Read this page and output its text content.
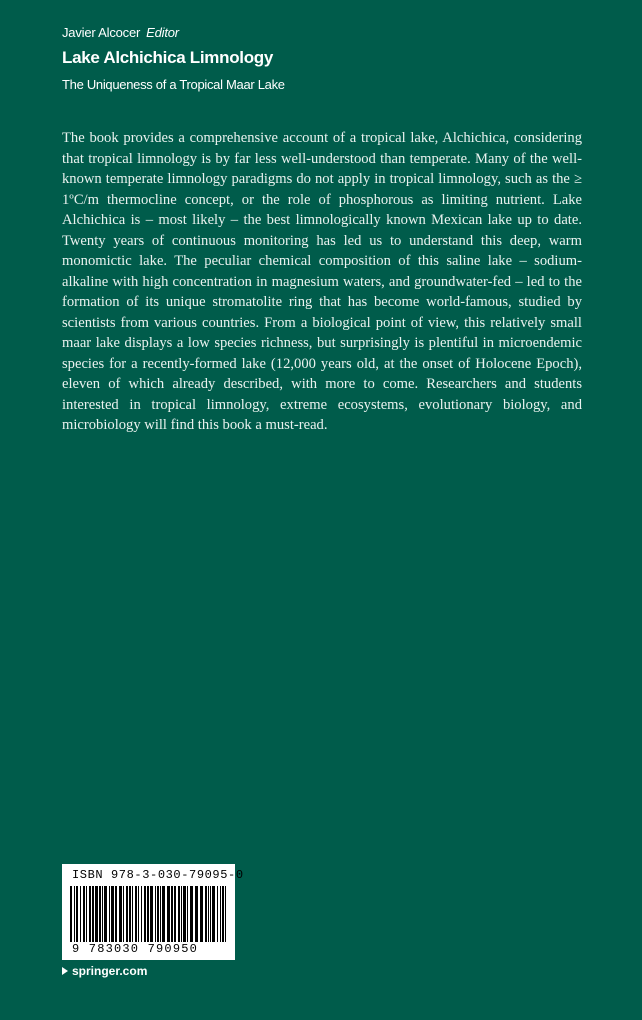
Javier Alcocer Editor
Lake Alchichica Limnology
The Uniqueness of a Tropical Maar Lake

The book provides a comprehensive account of a tropical lake, Alchichica, considering that tropical limnology is by far less well-understood than temperate. Many of the well-known temperate limnology paradigms do not apply in tropical limnology, such as the ≥ 1ºC/m thermocline concept, or the role of phosphorous as limiting nutrient. Lake Alchichica is – most likely – the best limnologically known Mexican lake up to date. Twenty years of continuous monitoring has led us to understand this deep, warm monomictic lake. The peculiar chemical composition of this saline lake – sodium-alkaline with high concentration in magnesium waters, and groundwater-fed – led to the formation of its unique stromatolite ring that has become world-famous, studied by scientists from various countries. From a biological point of view, this relatively small maar lake displays a low species richness, but surprisingly is plentiful in microendemic species for a recently-formed lake (12,000 years old, at the onset of Holocene Epoch), eleven of which already described, with more to come. Researchers and students interested in tropical limnology, extreme ecosystems, evolutionary biology, and microbiology will find this book a must-read.

ISBN 978-3-030-79095-0
9 783030 790950
springer.com
